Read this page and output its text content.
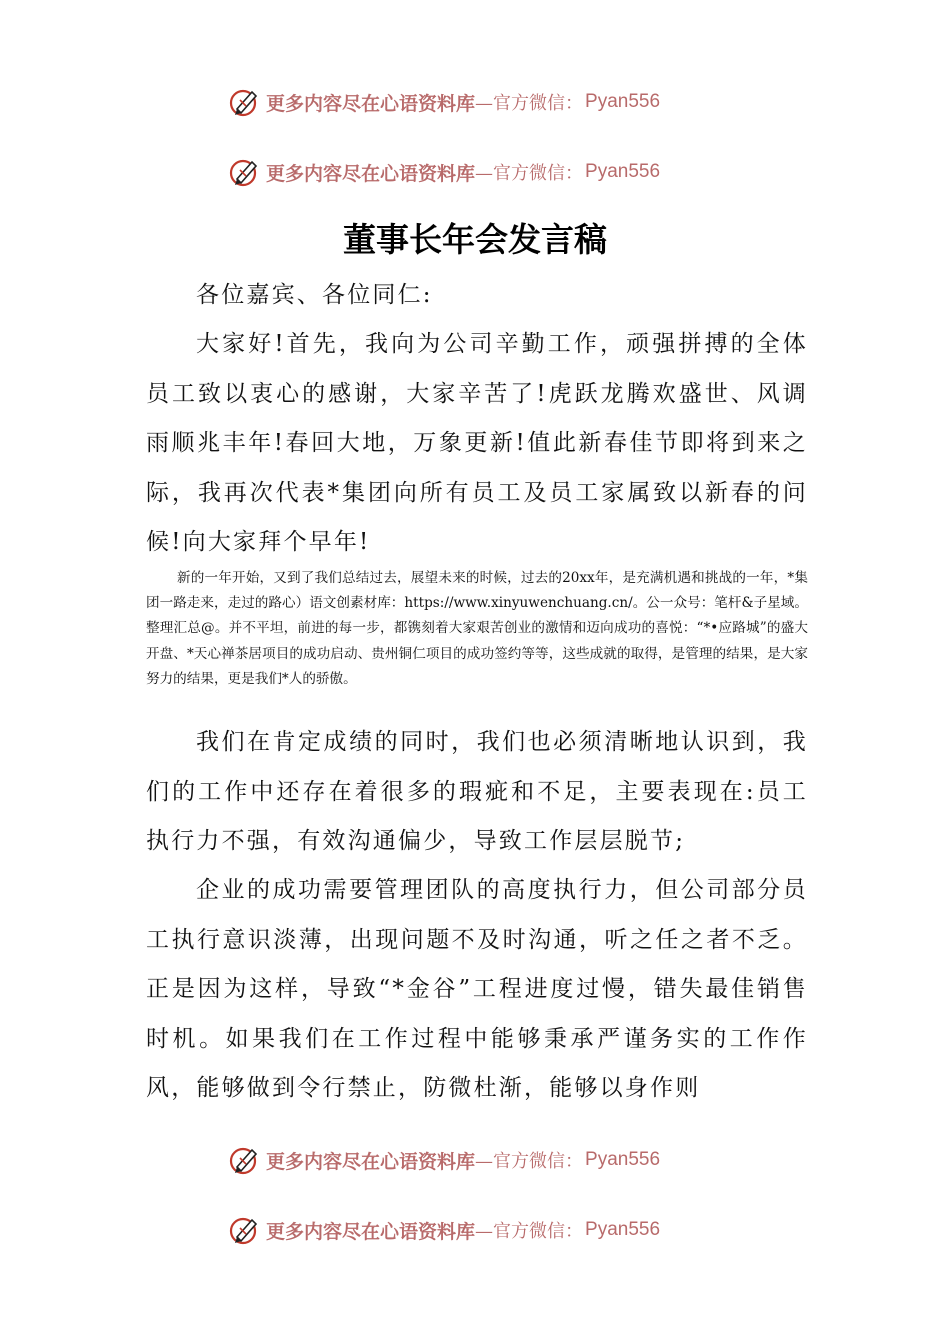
更多内容尽在心语资料库 —官方微信： Pyan556
更多内容尽在心语资料库 —官方微信： Pyan556
董事长年会发言稿

各位嘉宾、各位同仁:

大家好!首先，我向为公司辛勤工作，顽强拼搏的全体员工致以衷心的感谢，大家辛苦了!虎跃龙腾欢盛世、风调雨顺兆丰年!春回大地，万象更新!值此新春佳节即将到来之际，我再次代表*集团向所有员工及员工家属致以新春的问候!向大家拜个早年!

新的一年开始，又到了我们总结过去，展望未来的时候，过去的20xx年，是充满机遇和挑战的一年，*集团一路走来，走过的路心）语文创素材库：https://www.xinyuwenchuang.cn/。公一众号：笔杆&子星域。整理汇总@。并不平坦，前进的每一步，都镌刻着大家艰苦创业的激情和迈向成功的喜悦：“*•应路城”的盛大开盘、*天心禅茶居项目的成功启动、贵州铜仁项目的成功签约等等，这些成就的取得，是管理的结果，是大家努力的结果，更是我们*人的骄傲。

我们在肯定成绩的同时，我们也必须清晰地认识到，我们的工作中还存在着很多的瑕疵和不足，主要表现在:员工执行力不强，有效沟通偏少，导致工作层层脱节;

企业的成功需要管理团队的高度执行力，但公司部分员工执行意识淡薄，出现问题不及时沟通，听之任之者不乏。正是因为这样，导致“*金谷”工程进度过慢，错失最佳销售时机。如果我们在工作过程中能够秉承严谨务实的工作作风，能够做到令行禁止，防微杜渐，能够以身作则

更多内容尽在心语资料库 —官方微信： Pyan556
更多内容尽在心语资料库 —官方微信： Pyan556
